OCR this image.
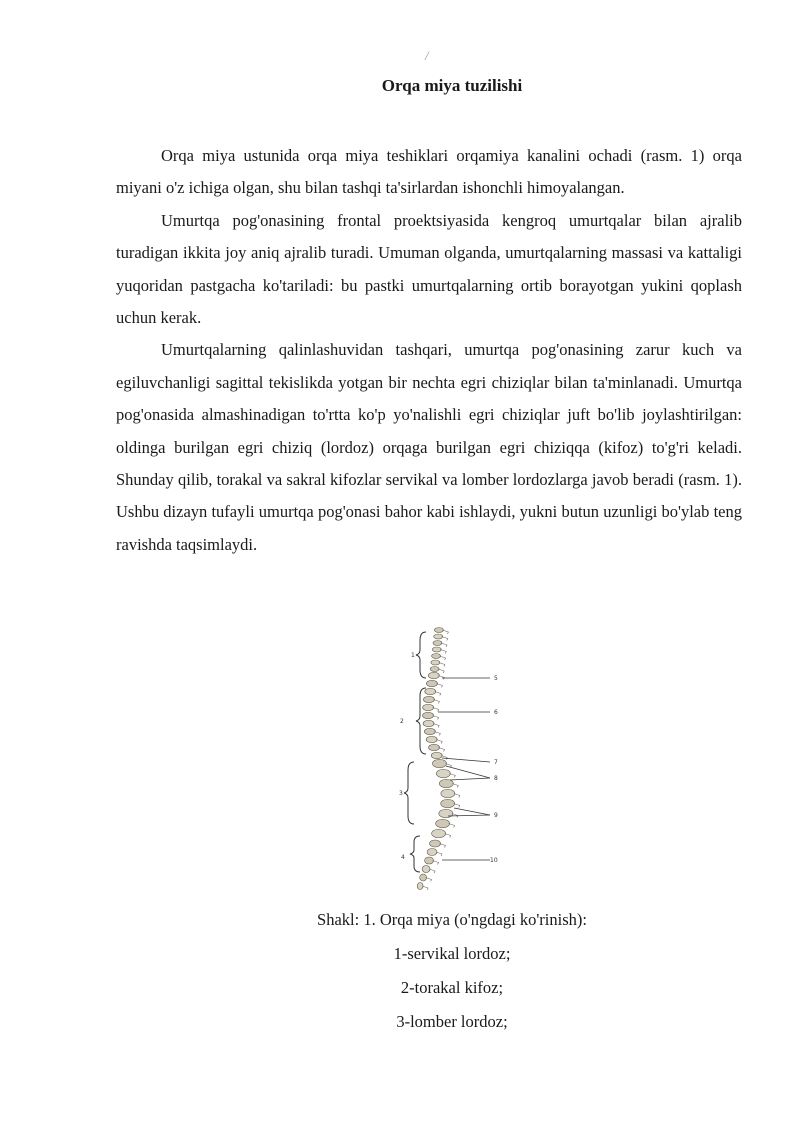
/
Orqa miya tuzilishi

Orqa miya ustunida orqa miya teshiklari orqamiya kanalini ochadi (rasm. 1) orqa miyani o'z ichiga olgan, shu bilan tashqi ta'sirlardan ishonchli himoyalangan.

Umurtqa pog'onasining frontal proektsiyasida kengroq umurtqalar bilan ajralib turadigan ikkita joy aniq ajralib turadi. Umuman olganda, umurtqalarning massasi va kattaligi yuqoridan pastgacha ko'tariladi: bu pastki umurtqalarning ortib borayotgan yukini qoplash uchun kerak.

Umurtqalarning qalinlashuvidan tashqari, umurtqa pog'onasining zarur kuch va egiluvchanligi sagittal tekislikda yotgan bir nechta egri chiziqlar bilan ta'minlanadi. Umurtqa pog'onasida almashinadigan to'rtta ko'p yo'nalishli egri chiziqlar juft bo'lib joylashtirilgan: oldinga burilgan egri chiziq (lordoz) orqaga burilgan egri chiziqqa (kifoz) to'g'ri keladi. Shunday qilib, torakal va sakral kifozlar servikal va lomber lordozlarga javob beradi (rasm. 1). Ushbu dizayn tufayli umurtqa pog'onasi bahor kabi ishlaydi, yukni butun uzunligi bo'ylab teng ravishda taqsimlaydi.

1
2
3
4
5
6
7
8
9
10
Shakl: 1. Orqa miya (o'ngdagi ko'rinish):
1-servikal lordoz;
2-torakal kifoz;
3-lomber lordoz;
